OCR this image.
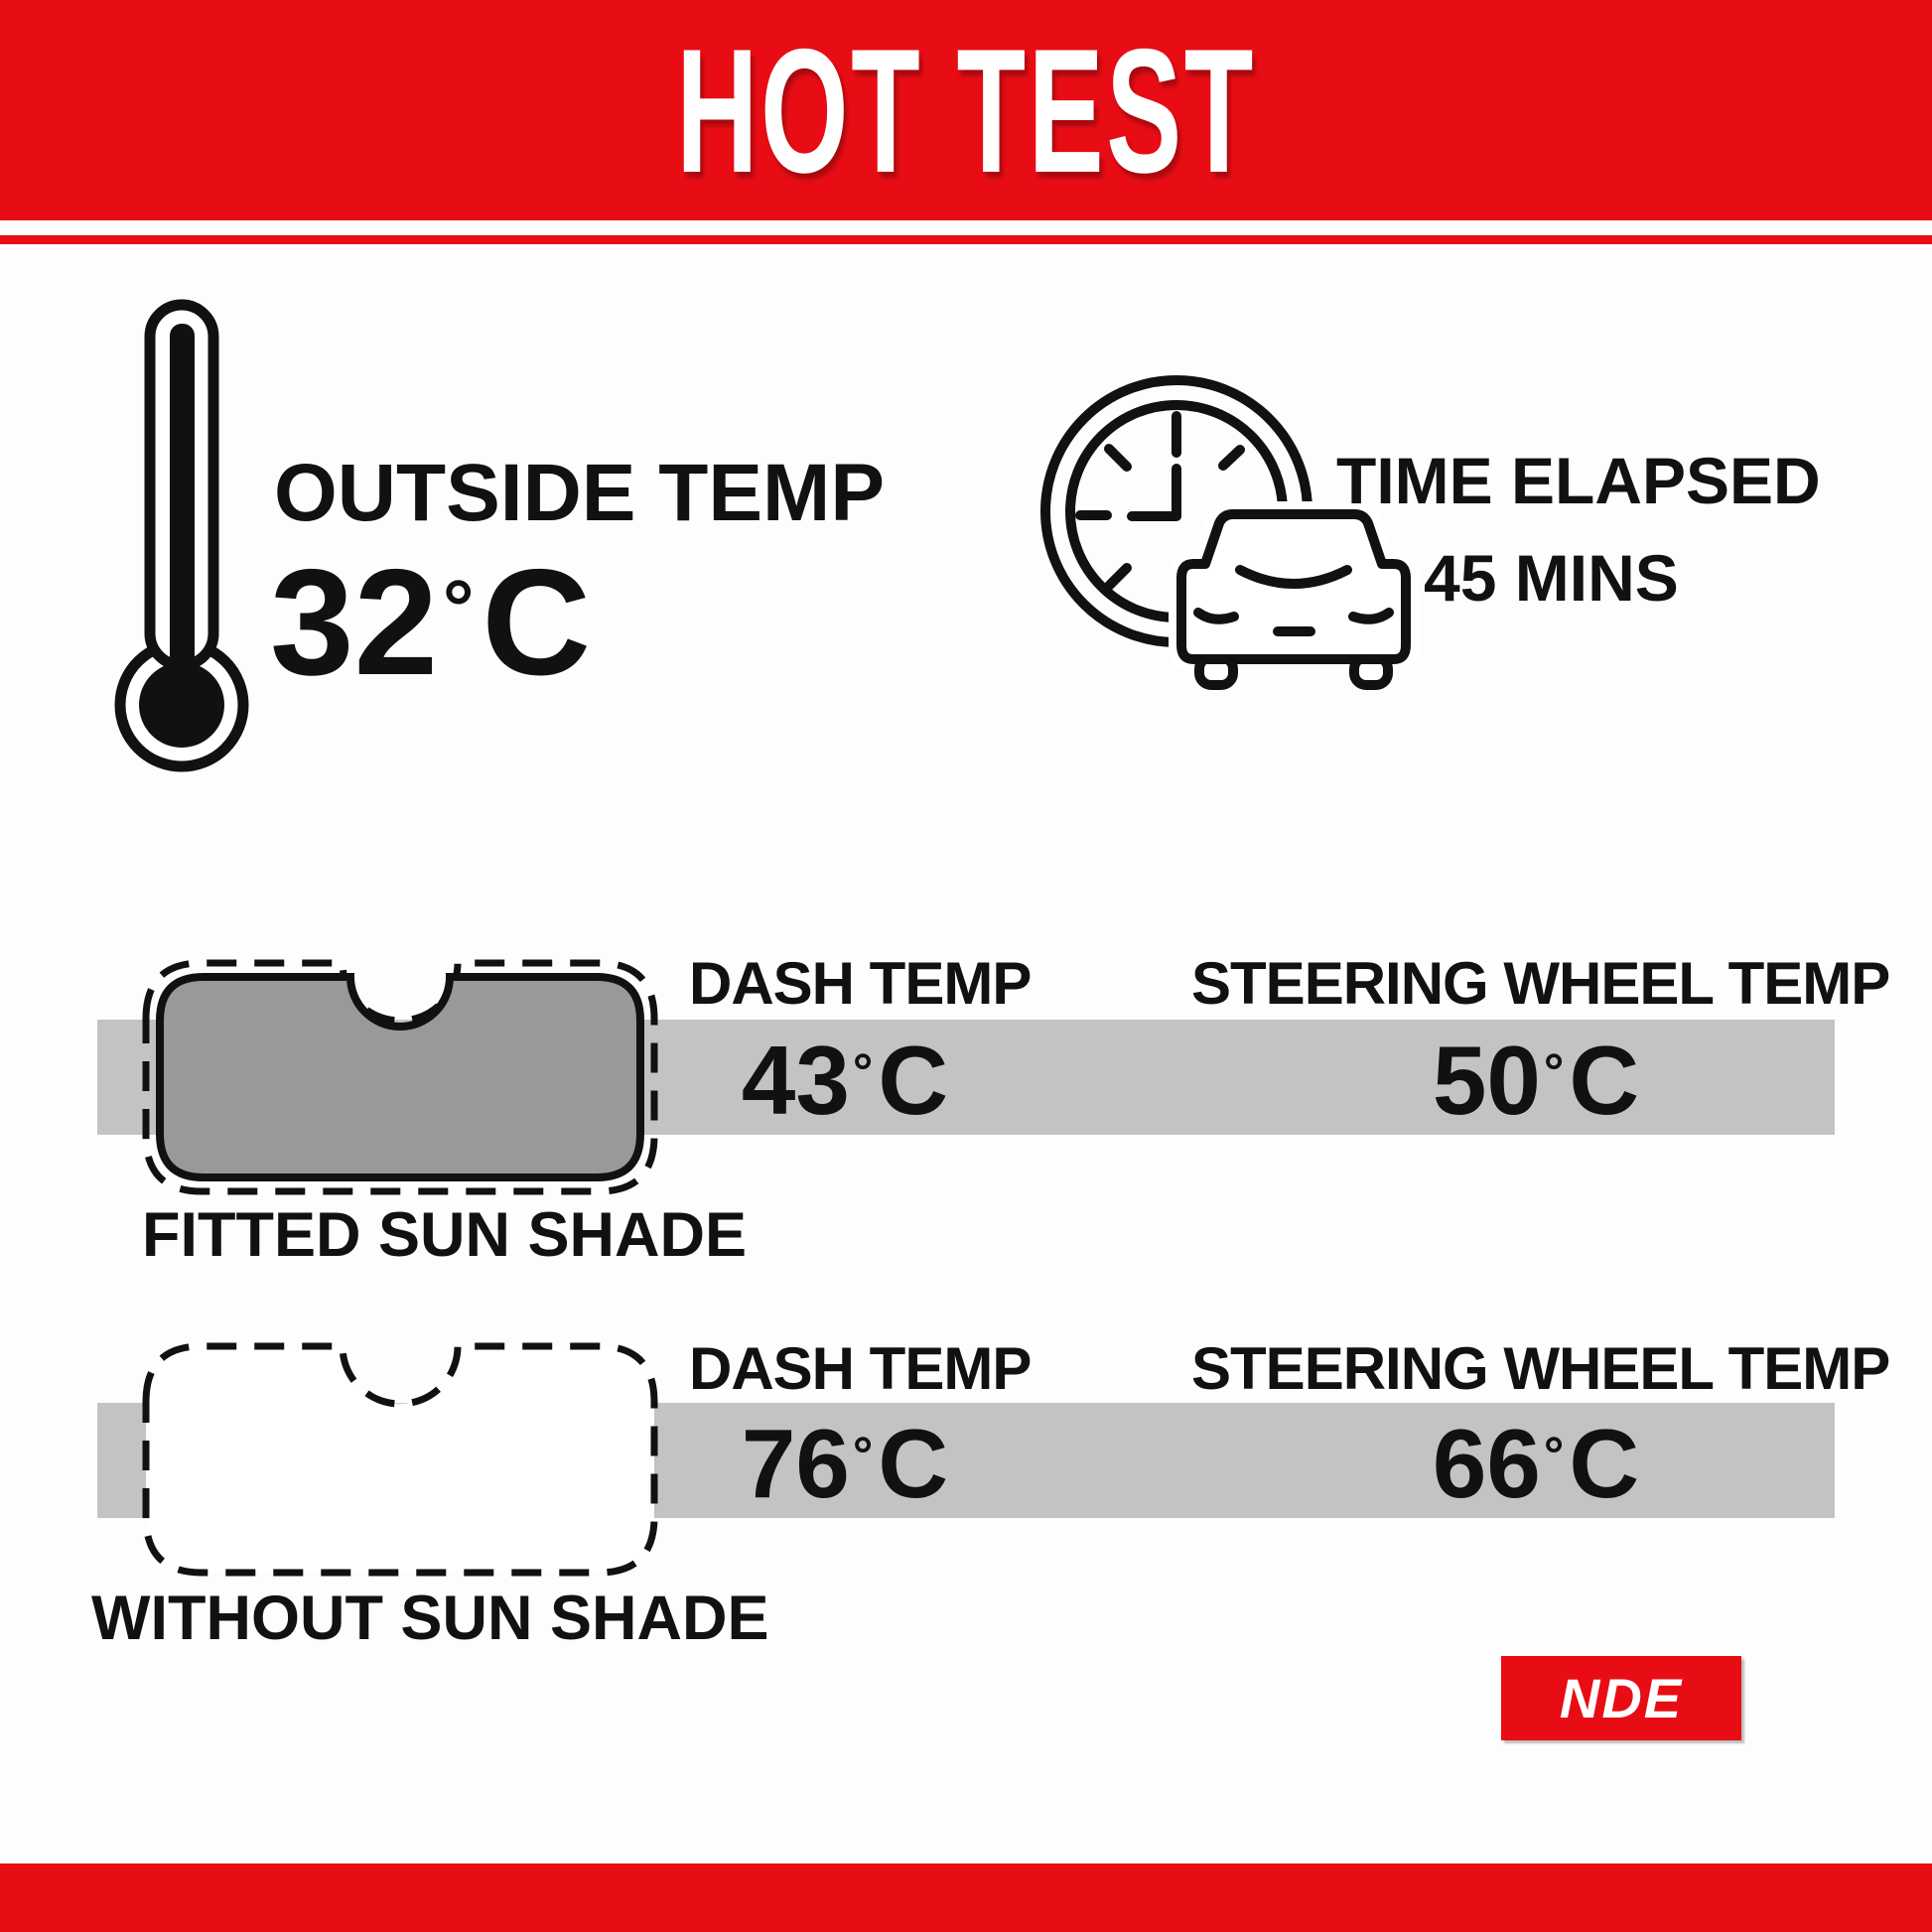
HOT TEST
OUTSIDE TEMP
32°C
TIME ELAPSED
45 MINS
DASH TEMP	STEERING WHEEL TEMP
43°C	50°C
FITTED SUN SHADE
DASH TEMP	STEERING WHEEL TEMP
76°C	66°C
WITHOUT SUN SHADE
NDE
